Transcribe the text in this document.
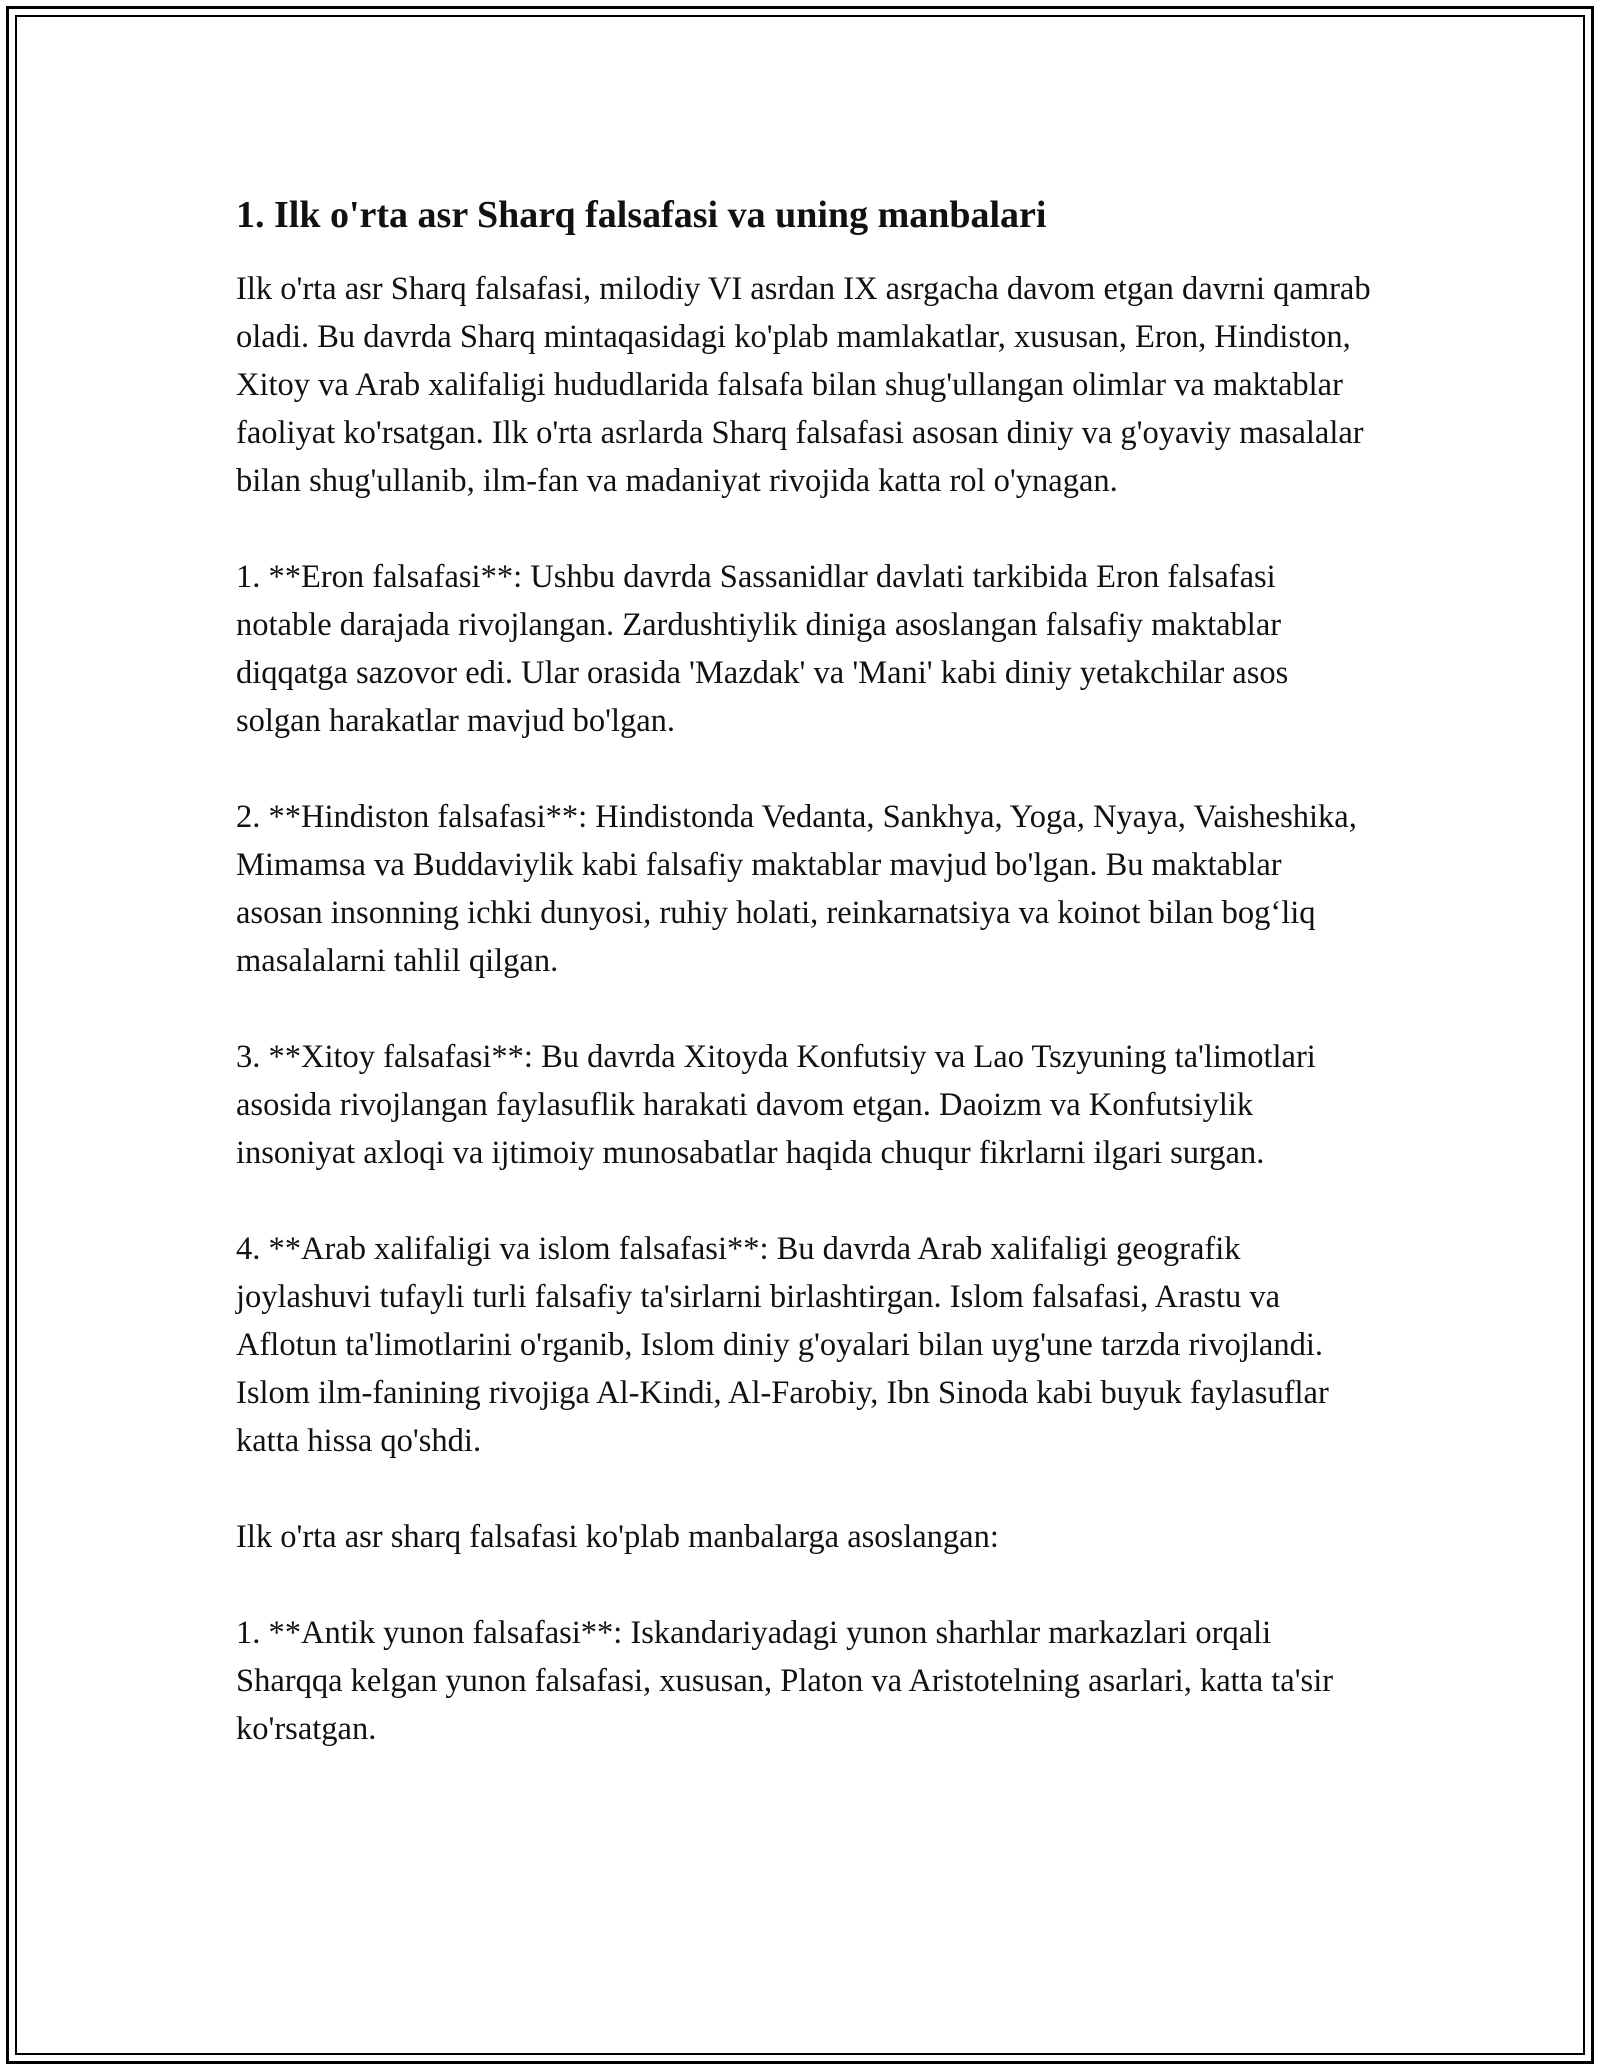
1. Ilk o'rta asr Sharq falsafasi va uning manbalari

Ilk o'rta asr Sharq falsafasi, milodiy VI asrdan IX asrgacha davom etgan davrni qamrab oladi. Bu davrda Sharq mintaqasidagi ko'plab mamlakatlar, xususan, Eron, Hindiston, Xitoy va Arab xalifaligi hududlarida falsafa bilan shug'ullangan olimlar va maktablar faoliyat ko'rsatgan. Ilk o'rta asrlarda Sharq falsafasi asosan diniy va g'oyaviy masalalar bilan shug'ullanib, ilm-fan va madaniyat rivojida katta rol o'ynagan.

1. **Eron falsafasi**: Ushbu davrda Sassanidlar davlati tarkibida Eron falsafasi notable darajada rivojlangan. Zardushtiylik diniga asoslangan falsafiy maktablar diqqatga sazovor edi. Ular orasida 'Mazdak' va 'Mani' kabi diniy yetakchilar asos solgan harakatlar mavjud bo'lgan.

2. **Hindiston falsafasi**: Hindistonda Vedanta, Sankhya, Yoga, Nyaya, Vaisheshika, Mimamsa va Buddaviylik kabi falsafiy maktablar mavjud bo'lgan. Bu maktablar asosan insonning ichki dunyosi, ruhiy holati, reinkarnatsiya va koinot bilan bog‘liq masalalarni tahlil qilgan.

3. **Xitoy falsafasi**: Bu davrda Xitoyda Konfutsiy va Lao Tszyuning ta'limotlari asosida rivojlangan faylasuflik harakati davom etgan. Daoizm va Konfutsiylik insoniyat axloqi va ijtimoiy munosabatlar haqida chuqur fikrlarni ilgari surgan.

4. **Arab xalifaligi va islom falsafasi**: Bu davrda Arab xalifaligi geografik joylashuvi tufayli turli falsafiy ta'sirlarni birlashtirgan. Islom falsafasi, Arastu va Aflotun ta'limotlarini o'rganib, Islom diniy g'oyalari bilan uyg'une tarzda rivojlandi. Islom ilm-fanining rivojiga Al-Kindi, Al-Farobiy, Ibn Sinoda kabi buyuk faylasuflar katta hissa qo'shdi.

Ilk o'rta asr sharq falsafasi ko'plab manbalarga asoslangan:

1. **Antik yunon falsafasi**: Iskandariyadagi yunon sharhlar markazlari orqali Sharqqa kelgan yunon falsafasi, xususan, Platon va Aristotelning asarlari, katta ta'sir ko'rsatgan.
